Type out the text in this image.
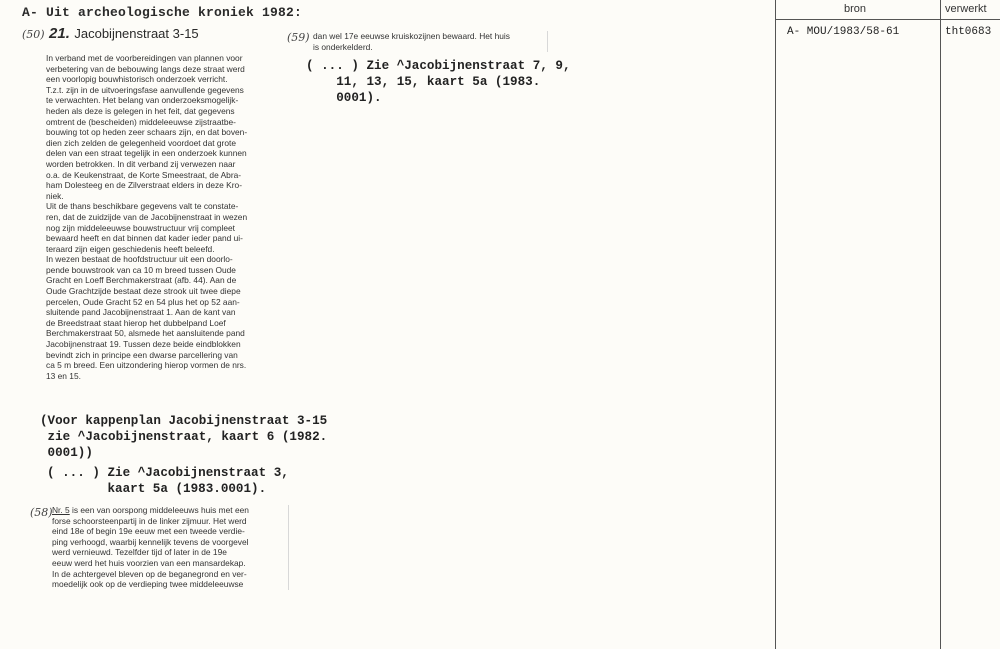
bron	verwerkt
A- MOU/1983/58-61	tht0683
A- Uit archeologische kroniek 1982:
(50) 21. Jacobijnenstraat 3-15
In verband met de voorbereidingen van plannen voor
verbetering van de bebouwing langs deze straat werd
een voorlopig bouwhistorisch onderzoek verricht.
T.z.t. zijn in de uitvoeringsfase aanvullende gegevens
te verwachten. Het belang van onderzoeksmogelijk-
heden als deze is gelegen in het feit, dat gegevens
omtrent de (bescheiden) middeleeuwse zijstraatbe-
bouwing tot op heden zeer schaars zijn, en dat boven-
dien zich zelden de gelegenheid voordoet dat grote
delen van een straat tegelijk in een onderzoek kunnen
worden betrokken. In dit verband zij verwezen naar
o.a. de Keukenstraat, de Korte Smeestraat, de Abra-
ham Dolesteeg en de Zilverstraat elders in deze Kro-
niek.
Uit de thans beschikbare gegevens valt te constate-
ren, dat de zuidzijde van de Jacobijnenstraat in wezen
nog zijn middeleeuwse bouwstructuur vrij compleet
bewaard heeft en dat binnen dat kader ieder pand ui-
teraard zijn eigen geschiedenis heeft beleefd.
In wezen bestaat de hoofdstructuur uit een doorlo-
pende bouwstrook van ca 10 m breed tussen Oude
Gracht en Loeff Berchmakerstraat (afb. 44). Aan de
Oude Grachtzijde bestaat deze strook uit twee diepe
percelen, Oude Gracht 52 en 54 plus het op 52 aan-
sluitende pand Jacobijnenstraat 1. Aan de kant van
de Breedstraat staat hierop het dubbelpand Loef
Berchmakerstraat 50, alsmede het aansluitende pand
Jacobijnenstraat 19. Tussen deze beide eindblokken
bevindt zich in principe een dwarse parcellering van
ca 5 m breed. Een uitzondering hierop vormen de nrs.
13 en 15.
(Voor kappenplan Jacobijnenstraat 3-15
zie ^Jacobijnenstraat, kaart 6 (1982.
0001))
( ... ) Zie ^Jacobijnenstraat 3,
kaart 5a (1983.0001).
(58) Nr. 5 is een van oorspong middeleeuws huis met een
forse schoorsteenpartij in de linker zijmuur. Het werd
eind 18e of begin 19e eeuw met een tweede verdie-
ping verhoogd, waarbij kennelijk tevens de voorgevel
werd vernieuwd. Tezelfder tijd of later in de 19e
eeuw werd het huis voorzien van een mansardekap.
In de achtergevel bleven op de beganegrond en ver-
moedelijk ook op de verdieping twee middeleeuwse
(59) dan wel 17e eeuwse kruiskozijnen bewaard. Het huis
is onderkelderd.
( ... ) Zie ^Jacobijnenstraat 7, 9,
11, 13, 15, kaart 5a (1983.
0001).
